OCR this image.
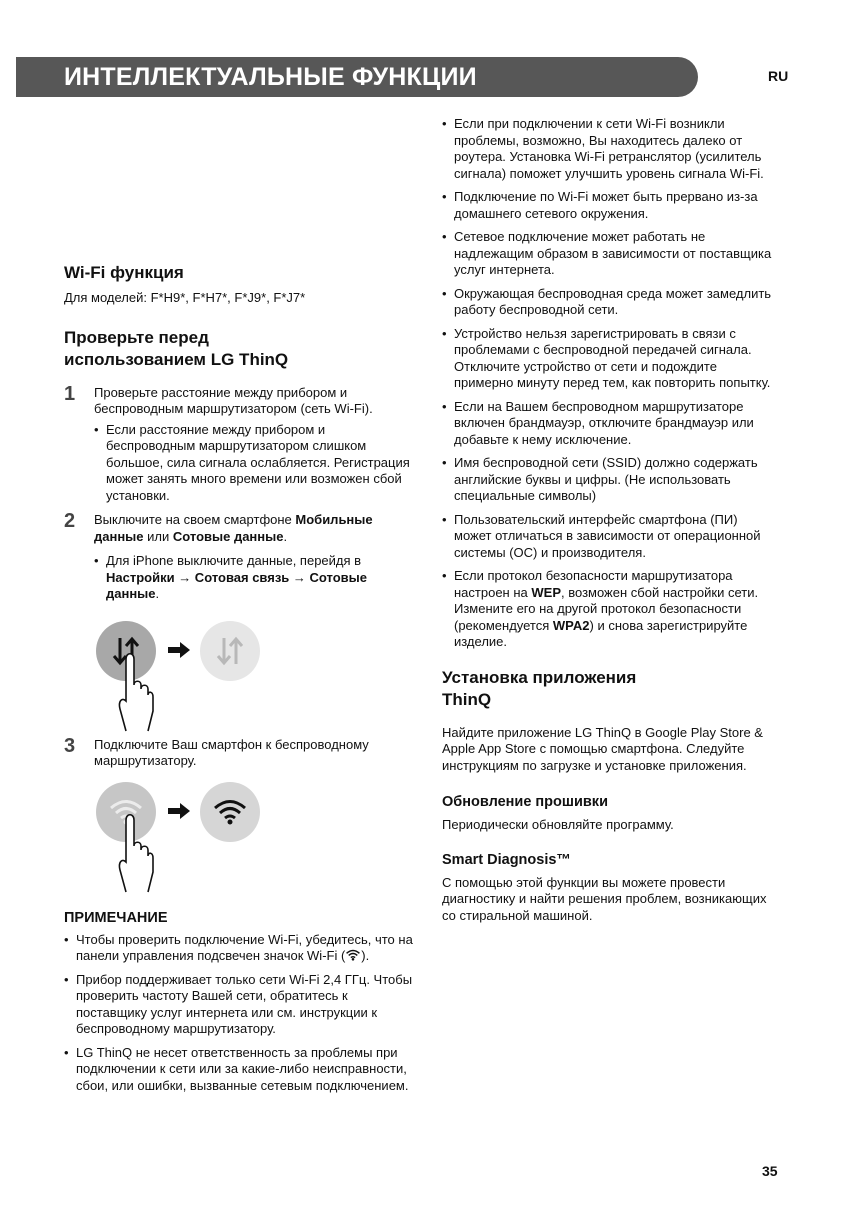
ИНТЕЛЛЕКТУАЛЬНЫЕ ФУНКЦИИ	RU
Wi-Fi функция

Для моделей: F*H9*, F*H7*, F*J9*, F*J7*

Проверьте перед
использованием LG ThinQ
1 Проверьте расстояние между прибором и беспроводным маршрутизатором (сеть Wi-Fi).

• Если расстояние между прибором и беспроводным маршрутизатором слишком большое, сила сигнала ослабляется. Регистрация может занять много времени или возможен сбой установки.
2 Выключите на своем смартфоне Мобильные данные или Сотовые данные.

• Для iPhone выключите данные, перейдя в Настройки → Сотовая связь → Сотовые данные.
3 Подключите Ваш смартфон к беспроводному маршрутизатору.

ПРИМЕЧАНИЕ
• Чтобы проверить подключение Wi-Fi, убедитесь, что на панели управления подсвечен значок Wi-Fi ( ).
• Прибор поддерживает только сети Wi-Fi 2,4 ГГц. Чтобы проверить частоту Вашей сети, обратитесь к поставщику услуг интернета или см. инструкции к беспроводному маршрутизатору.
• LG ThinQ не несет ответственность за проблемы при подключении к сети или за какие-либо неисправности, сбои, или ошибки, вызванные сетевым подключением.
• Если при подключении к сети Wi-Fi возникли проблемы, возможно, Вы находитесь далеко от роутера. Установка Wi-Fi ретранслятор (усилитель сигнала) поможет улучшить уровень сигнала Wi-Fi.
• Подключение по Wi-Fi может быть прервано из-за домашнего сетевого окружения.
• Сетевое подключение может работать не надлежащим образом в зависимости от поставщика услуг интернета.
• Окружающая беспроводная среда может замедлить работу беспроводной сети.
• Устройство нельзя зарегистрировать в связи с проблемами с беспроводной передачей сигнала. Отключите устройство от сети и подождите примерно минуту перед тем, как повторить попытку.
• Если на Вашем беспроводном маршрутизаторе включен брандмауэр, отключите брандмауэр или добавьте к нему исключение.
• Имя беспроводной сети (SSID) должно содержать английские буквы и цифры. (Не использовать специальные символы)
• Пользовательский интерфейс смартфона (ПИ) может отличаться в зависимости от операционной системы (ОС) и производителя.
• Если протокол безопасности маршрутизатора настроен на WEP, возможен сбой настройки сети. Измените его на другой протокол безопасности (рекомендуется WPA2) и снова зарегистрируйте изделие.
Установка приложения
ThinQ

Найдите приложение LG ThinQ в Google Play Store & Apple App Store с помощью смартфона. Следуйте инструкциям по загрузке и установке приложения.

Обновление прошивки

Периодически обновляйте программу.

Smart Diagnosis™

С помощью этой функции вы можете провести диагностику и найти решения проблем, возникающих со стиральной машиной.

35
